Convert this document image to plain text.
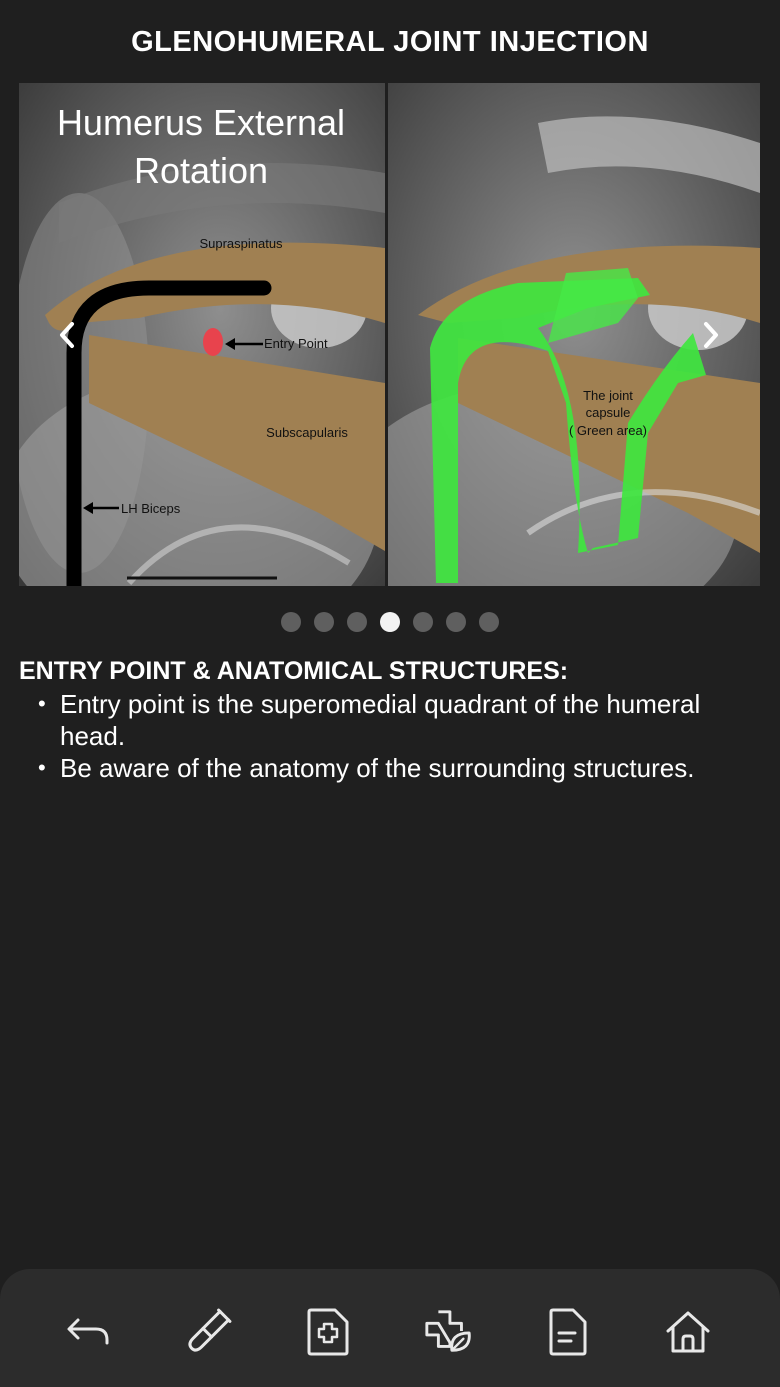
GLENOHUMERAL JOINT INJECTION
Humerus External
Rotation
Supraspinatus
Entry Point
Subscapularis
LH Biceps
The joint
capsule
( Green area)
ENTRY POINT & ANATOMICAL STRUCTURES:
• Entry point is the superomedial quadrant of the humeral head.
• Be aware of the anatomy of the surrounding structures.
